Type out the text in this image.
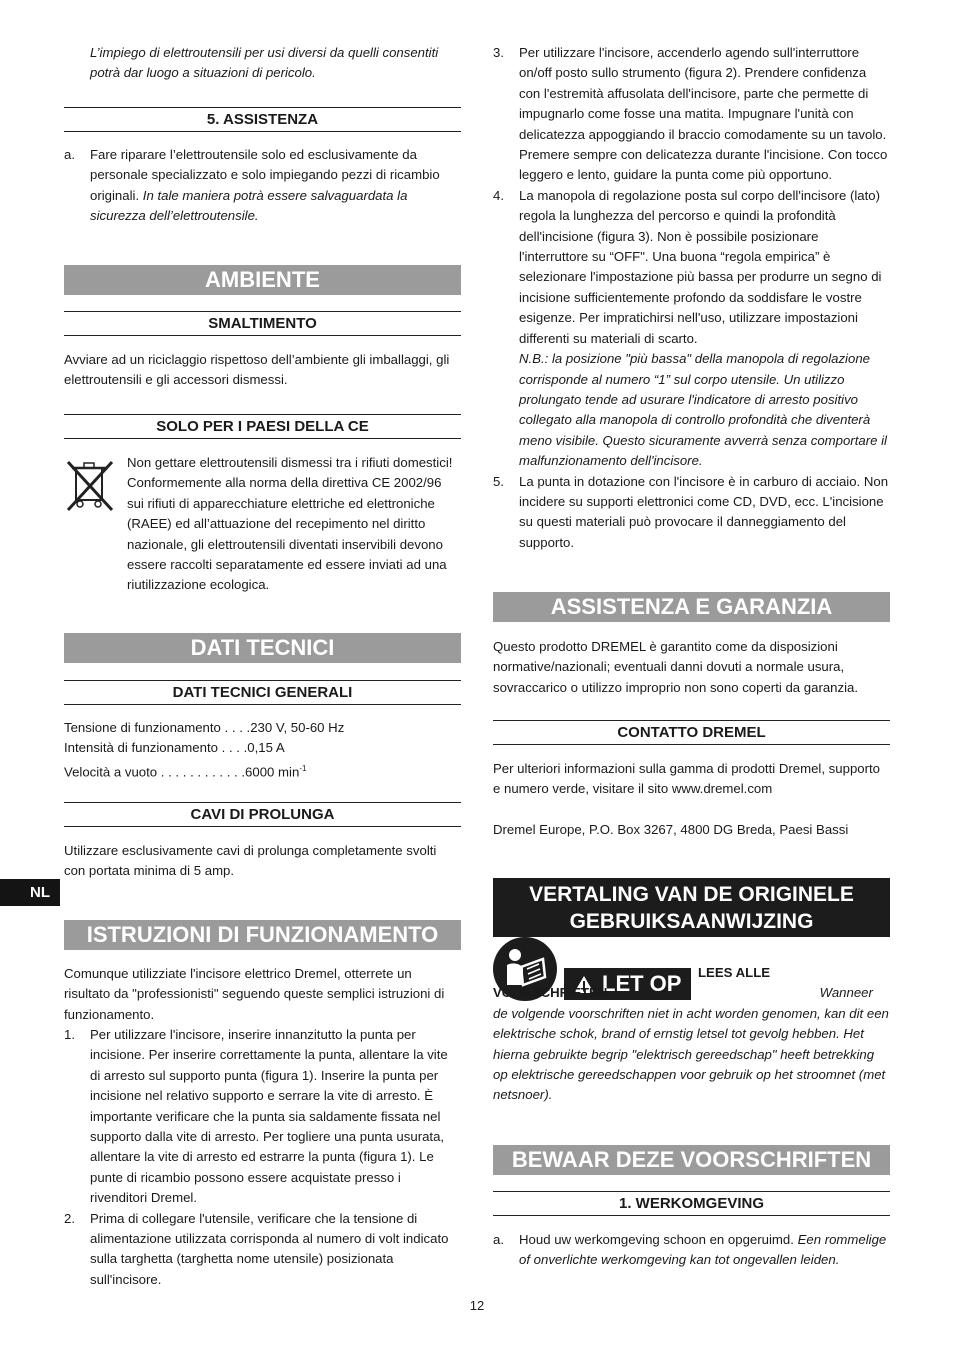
L’impiego di elettroutensili per usi diversi da quelli consentiti potrà dar luogo a situazioni di pericolo.
5. ASSISTENZA
a. Fare riparare l’elettroutensile solo ed esclusivamente da personale specializzato e solo impiegando pezzi di ricambio originali. In tale maniera potrà essere salvaguardata la sicurezza dell’elettroutensile.
AMBIENTE
SMALTIMENTO
Avviare ad un riciclaggio rispettoso dell’ambiente gli imballaggi, gli elettroutensili e gli accessori dismessi.
SOLO PER I PAESI DELLA CE
Non gettare elettroutensili dismessi tra i rifiuti domestici! Conformemente alla norma della direttiva CE 2002/96 sui rifiuti di apparecchiature elettriche ed elettroniche (RAEE) ed all’attuazione del recepimento nel diritto nazionale, gli elettroutensili diventati inservibili devono essere raccolti separatamente ed essere inviati ad una riutilizzazione ecologica.
DATI TECNICI
DATI TECNICI GENERALI
Tensione di funzionamento . . . .230 V, 50-60 Hz
Intensità di funzionamento . . . .0,15 A
Velocità a vuoto . . . . . . . . . . . .6000 $\min^{-1}$
CAVI DI PROLUNGA
Utilizzare esclusivamente cavi di prolunga completamente svolti con portata minima di 5 amp.
ISTRUZIONI DI FUNZIONAMENTO
Comunque utilizziate l'incisore elettrico Dremel, otterrete un risultato da "professionisti" seguendo queste semplici istruzioni di funzionamento.
1. Per utilizzare l'incisore, inserire innanzitutto la punta per incisione. Per inserire correttamente la punta, allentare la vite di arresto sul supporto punta (figura 1). Inserire la punta per incisione nel relativo supporto e serrare la vite di arresto. È importante verificare che la punta sia saldamente fissata nel supporto dalla vite di arresto. Per togliere una punta usurata, allentare la vite di arresto ed estrarre la punta (figura 1). Le punte di ricambio possono essere acquistate presso i rivenditori Dremel.
2. Prima di collegare l'utensile, verificare che la tensione di alimentazione utilizzata corrisponda al numero di volt indicato sulla targhetta (targhetta nome utensile) posizionata sull'incisore.
NL
3. Per utilizzare l'incisore, accenderlo agendo sull'interruttore on/off posto sullo strumento (figura 2). Prendere confidenza con l'estremità affusolata dell'incisore, parte che permette di impugnarlo come fosse una matita. Impugnare l'unità con delicatezza appoggiando il braccio comodamente su un tavolo. Premere sempre con delicatezza durante l'incisione. Con tocco leggero e lento, guidare la punta come più opportuno.
4. La manopola di regolazione posta sul corpo dell'incisore (lato) regola la lunghezza del percorso e quindi la profondità dell'incisione (figura 3). Non è possibile posizionare l'interruttore su “OFF". Una buona “regola empirica” è selezionare l'impostazione più bassa per produrre un segno di incisione sufficientemente profondo da soddisfare le vostre esigenze. Per impratichirsi nell'uso, utilizzare impostazioni differenti su materiali di scarto.
N.B.: la posizione "più bassa" della manopola di regolazione corrisponde al numero “1” sul corpo utensile. Un utilizzo prolungato tende ad usurare l'indicatore di arresto positivo collegato alla manopola di controllo profondità che diventerà meno visibile. Questo sicuramente avverrà senza comportare il malfunzionamento dell'incisore.
5. La punta in dotazione con l'incisore è in carburo di acciaio. Non incidere su supporti elettronici come CD, DVD, ecc. L'incisione su questi materiali può provocare il danneggiamento del supporto.
ASSISTENZA E GARANZIA
Questo prodotto DREMEL è garantito come da disposizioni normative/nazionali; eventuali danni dovuti a normale usura, sovraccarico o utilizzo improprio non sono coperti da garanzia.
CONTATTO DREMEL
Per ulteriori informazioni sulla gamma di prodotti Dremel, supporto e numero verde, visitare il sito www.dremel.com
Dremel Europe, P.O. Box 3267, 4800 DG Breda, Paesi Bassi
VERTALING VAN DE ORIGINELE
GEBRUIKSAANWIJZING
LET OP	LEES ALLE VOORSCHRIFTEN.	Wanneer de volgende voorschriften niet in acht worden genomen, kan dit een elektrische schok, brand of ernstig letsel tot gevolg hebben. Het hierna gebruikte begrip "elektrisch gereedschap" heeft betrekking op elektrische gereedschappen voor gebruik op het stroomnet (met netsnoer).
BEWAAR DEZE VOORSCHRIFTEN GOED
1. WERKOMGEVING
a. Houd uw werkomgeving schoon en opgeruimd. Een rommelige of onverlichte werkomgeving kan tot ongevallen leiden.
12
